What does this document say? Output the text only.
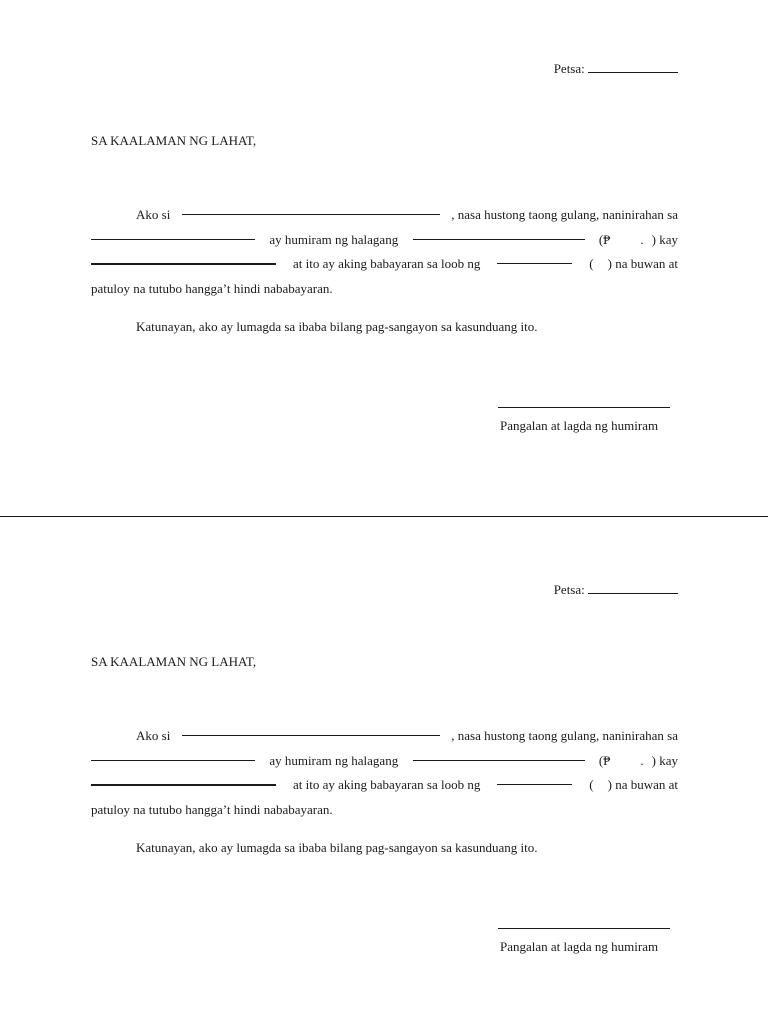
Petsa:
SA KAALAMAN NG LAHAT,
Ako si	, nasa hustong taong gulang, naninirahan sa
ay humiram ng halagang	(₱ . ) kay
at ito ay aking babayaran sa loob ng	( ) na buwan at
patuloy na tutubo hangga’t hindi nababayaran.
Katunayan, ako ay lumagda sa ibaba bilang pag-sangayon sa kasunduang ito.
Pangalan at lagda ng humiram
Petsa:
SA KAALAMAN NG LAHAT,
Ako si	, nasa hustong taong gulang, naninirahan sa
ay humiram ng halagang	(₱ . ) kay
at ito ay aking babayaran sa loob ng	( ) na buwan at
patuloy na tutubo hangga’t hindi nababayaran.
Katunayan, ako ay lumagda sa ibaba bilang pag-sangayon sa kasunduang ito.
Pangalan at lagda ng humiram
